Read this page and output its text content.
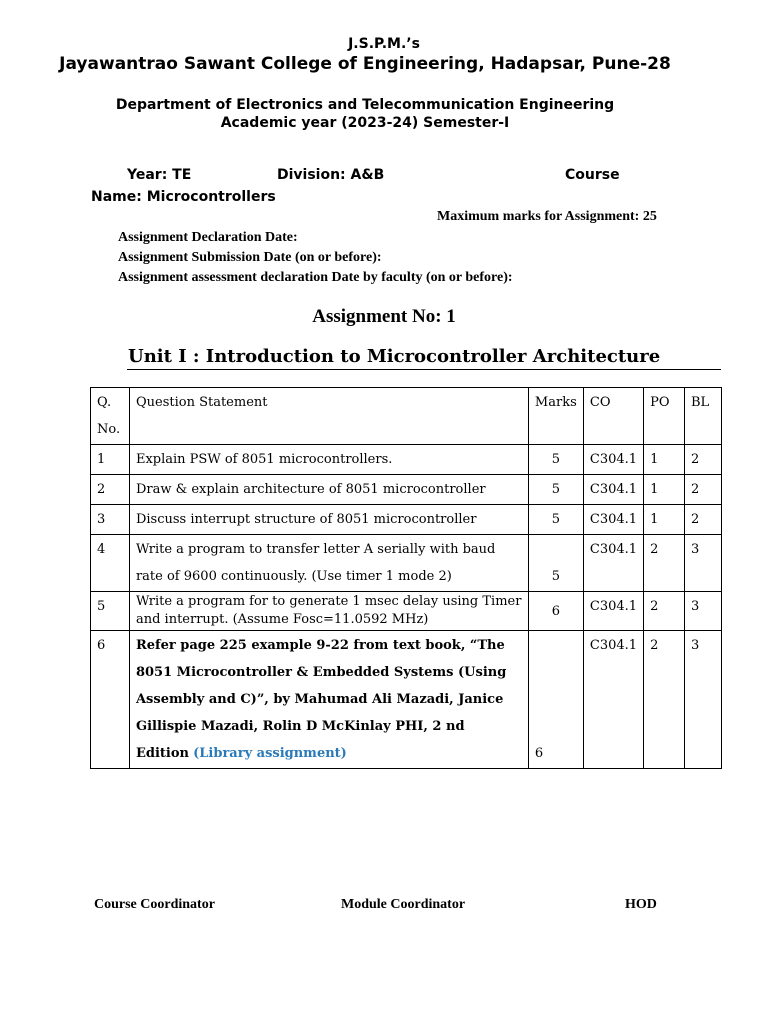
J.S.P.M.’s
Jayawantrao Sawant College of Engineering, Hadapsar, Pune-28
Department of Electronics and Telecommunication Engineering
Academic year (2023-24) Semester-I
Year: TE	Division: A&B	Course
Name: Microcontrollers
Maximum marks for Assignment: 25
Assignment Declaration Date:
Assignment Submission Date (on or before):
Assignment assessment declaration Date by faculty (on or before):
Assignment No: 1
Unit I : Introduction to Microcontroller Architecture
Q. No.	Question Statement	Marks	CO	PO	BL
1	Explain PSW of 8051 microcontrollers.	5	C304.1	1	2
2	Draw & explain architecture of 8051 microcontroller	5	C304.1	1	2
3	Discuss interrupt structure of 8051 microcontroller	5	C304.1	1	2
4	Write a program to transfer letter A serially with baud rate of 9600 continuously. (Use timer 1 mode 2)	5	C304.1	2	3
5	Write a program for to generate 1 msec delay using Timer and interrupt. (Assume Fosc=11.0592 MHz)	6	C304.1	2	3
6	Refer page 225 example 9-22 from text book, “The 8051 Microcontroller & Embedded Systems (Using Assembly and C)”, by Mahumad Ali Mazadi, Janice Gillispie Mazadi, Rolin D McKinlay PHI, 2 nd Edition (Library assignment)	6	C304.1	2	3
Course Coordinator	Module Coordinator	HOD
